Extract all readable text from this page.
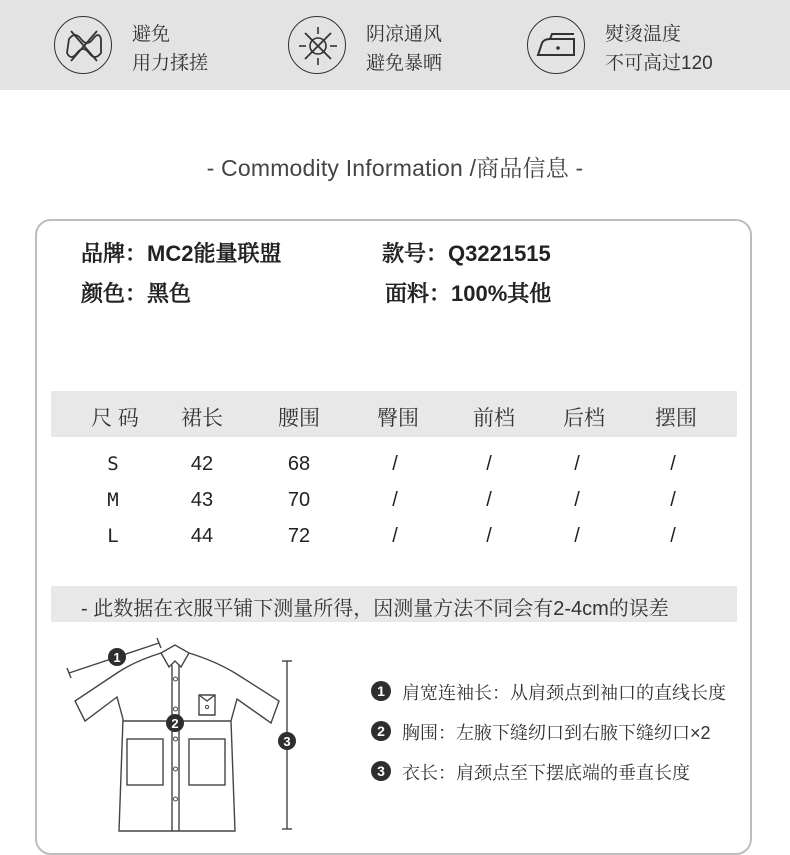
避免
用力揉搓
阴凉通风
避免暴晒
熨烫温度
不可高过120
- Commodity Information /商品信息 -
品牌：MC2能量联盟	款号：Q3221515
颜色：黑色	面料：100%其他
尺 码	裙长	腰围	臀围	前档	后档	摆围
S	42	68	/	/	/	/
M	43	70	/	/	/	/
L	44	72	/	/	/	/
- 此数据在衣服平铺下测量所得，因测量方法不同会有2-4cm的误差
1
2
3
1 肩宽连袖长：从肩颈点到袖口的直线长度
2 胸围：左腋下缝纫口到右腋下缝纫口×2
3 衣长：肩颈点至下摆底端的垂直长度
